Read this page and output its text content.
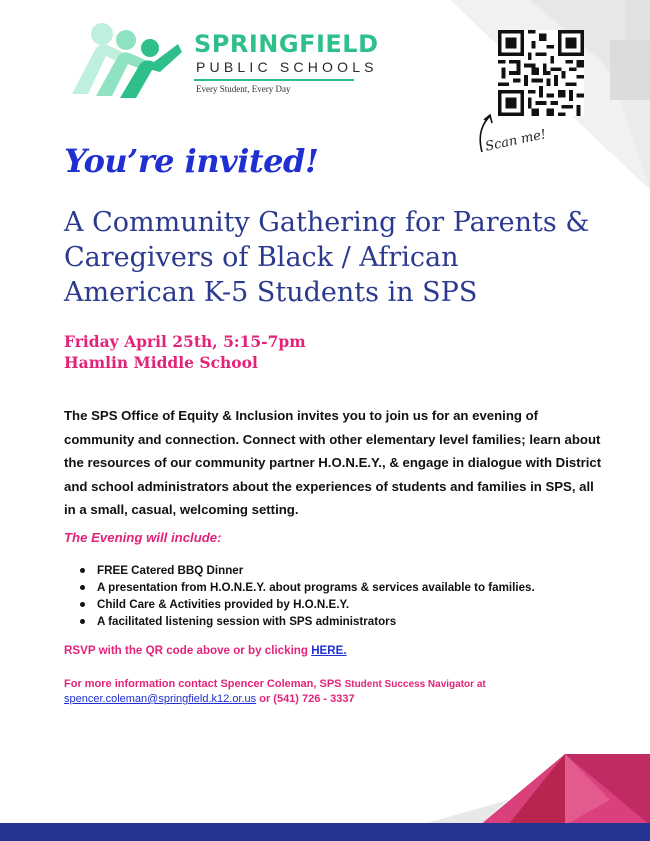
SPRINGFIELD
PUBLIC SCHOOLS
Every Student, Every Day
Scan me!
You’re invited!
A Community Gathering for Parents &
Caregivers of Black / African
American K-5 Students in SPS
Friday April 25th, 5:15-7pm
Hamlin Middle School
The SPS Office of Equity & Inclusion invites you to join us for an evening of community and connection. Connect with other elementary level families; learn about the resources of our community partner H.O.N.E.Y., & engage in dialogue with District and school administrators about the experiences of students and families in SPS, all in a small, casual, welcoming setting.
The Evening will include:
FREE Catered BBQ Dinner
A presentation from H.O.N.E.Y. about programs & services available to families.
Child Care & Activities provided by H.O.N.E.Y.
A facilitated listening session with SPS administrators
RSVP with the QR code above or by clicking HERE.
For more information contact Spencer Coleman, SPS Student Success Navigator at
spencer.coleman@springfield.k12.or.us or (541) 726 - 3337
